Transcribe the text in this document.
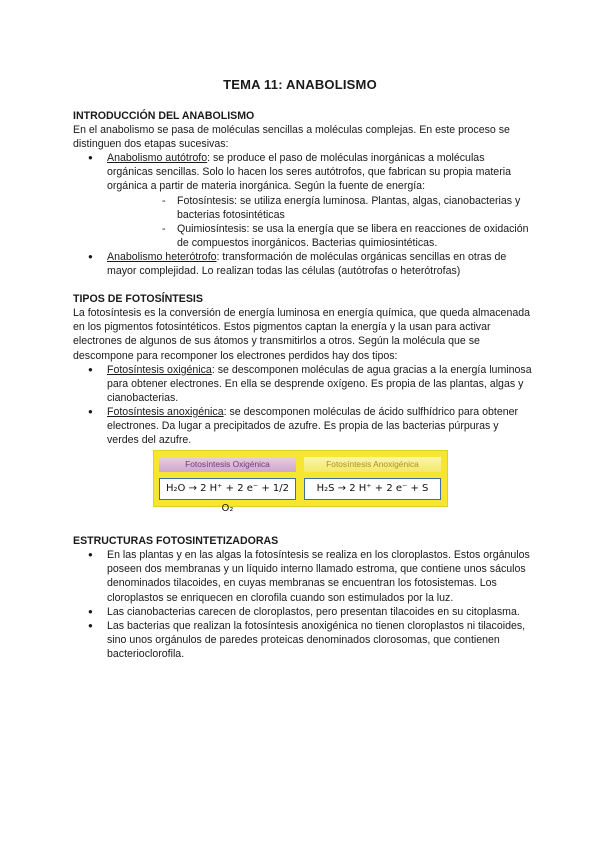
TEMA 11: ANABOLISMO
INTRODUCCIÓN DEL ANABOLISMO

En el anabolismo se pasa de moléculas sencillas a moléculas complejas. En este proceso se distinguen dos etapas sucesivas:

● Anabolismo autótrofo: se produce el paso de moléculas inorgánicas a moléculas orgánicas sencillas. Solo lo hacen los seres autótrofos, que fabrican su propia materia orgánica a partir de materia inorgánica. Según la fuente de energía:
- Fotosíntesis: se utiliza energía luminosa. Plantas, algas, cianobacterias y bacterias fotosintéticas
- Quimiosíntesis: se usa la energía que se libera en reacciones de oxidación de compuestos inorgánicos. Bacterias quimiosintéticas.
● Anabolismo heterótrofo: transformación de moléculas orgánicas sencillas en otras de mayor complejidad. Lo realizan todas las células (autótrofas o heterótrofas)
TIPOS DE FOTOSÍNTESIS

La fotosíntesis es la conversión de energía luminosa en energía química, que queda almacenada en los pigmentos fotosintéticos. Estos pigmentos captan la energía y la usan para activar electrones de algunos de sus átomos y transmitirlos a otros. Según la molécula que se descompone para recomponer los electrones perdidos hay dos tipos:

● Fotosíntesis oxigénica: se descomponen moléculas de agua gracias a la energía luminosa para obtener electrones. En ella se desprende oxígeno. Es propia de las plantas, algas y cianobacterias.
● Fotosíntesis anoxigénica: se descomponen moléculas de ácido sulfhídrico para obtener electrones. Da lugar a precipitados de azufre. Es propia de las bacterias púrpuras y verdes del azufre.
Fotosíntesis Oxigénica	Fotosíntesis Anoxigénica
H₂O → 2 H⁺ + 2 e⁻ + 1/2 O₂
H₂S → 2 H⁺ + 2 e⁻ + S
ESTRUCTURAS FOTOSINTETIZADORAS
● En las plantas y en las algas la fotosíntesis se realiza en los cloroplastos. Estos orgánulos poseen dos membranas y un líquido interno llamado estroma, que contiene unos sáculos denominados tilacoides, en cuyas membranas se encuentran los fotosistemas. Los cloroplastos se enriquecen en clorofila cuando son estimulados por la luz.
● Las cianobacterias carecen de cloroplastos, pero presentan tilacoides en su citoplasma.
● Las bacterias que realizan la fotosíntesis anoxigénica no tienen cloroplastos ni tilacoides, sino unos orgánulos de paredes proteicas denominados clorosomas, que contienen bacterioclorofila.
